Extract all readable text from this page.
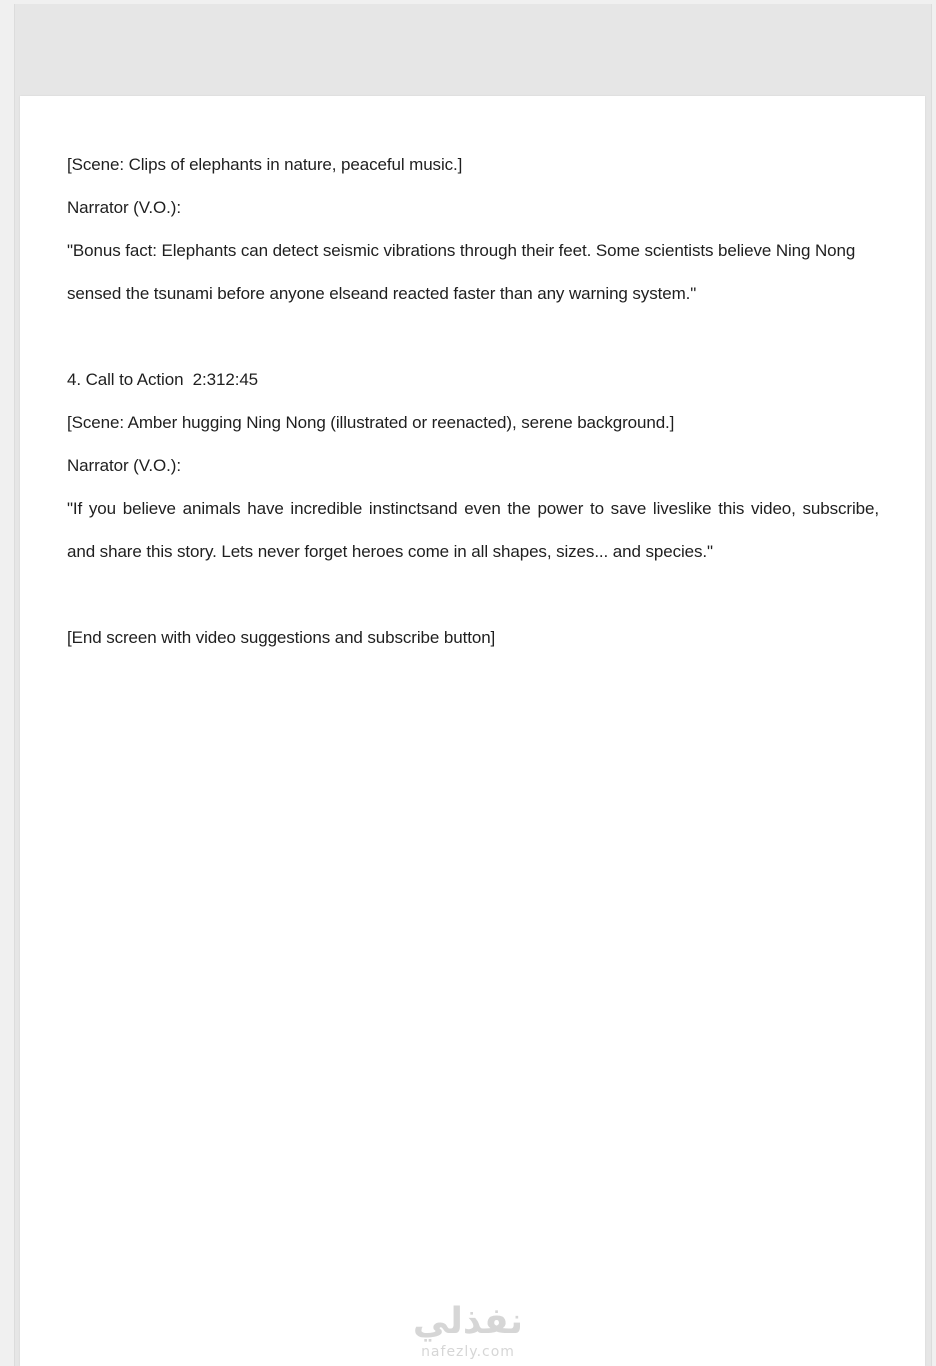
[Scene: Clips of elephants in nature, peaceful music.]
Narrator (V.O.):
"Bonus fact: Elephants can detect seismic vibrations through their feet. Some scientists believe Ning Nong sensed the tsunami before anyone elseand reacted faster than any warning system."
4. Call to Action  2:312:45
[Scene: Amber hugging Ning Nong (illustrated or reenacted), serene background.]
Narrator (V.O.):
"If you believe animals have incredible instinctsand even the power to save liveslike this video, subscribe, and share this story. Lets never forget heroes come in all shapes, sizes... and species."
[End screen with video suggestions and subscribe button]
نفذلي
nafezly.com
